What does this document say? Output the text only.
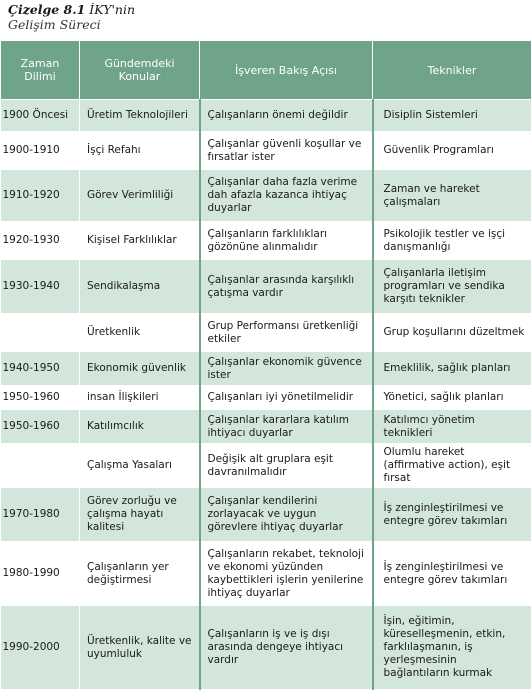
Çizelge 8.1 İKY'nin
Gelişim Süreci
Zaman Dilimi	Gündemdeki Konular	İşveren Bakış Açısı	Teknikler
1900 Öncesi	Üretim Teknolojileri	Çalışanların önemi değildir	Disiplin Sistemleri
1900-1910	İşçi Refahı	Çalışanlar güvenli koşullar ve fırsatlar ister	Güvenlik Programları
1910-1920	Görev Verimliliği	Çalışanlar daha fazla verime dah afazla kazanca ihtiyaç duyarlar	Zaman ve hareket çalışmaları
1920-1930	Kişisel Farklılıklar	Çalışanların farklılıkları gözönüne alınmalıdır	Psikolojik testler ve işçi danışmanlığı
1930-1940	Sendikalaşma	Çalışanlar arasında karşılıklı çatışma vardır	Çalışanlarla iletişim programları ve sendika karşıtı teknikler
	Üretkenlik	Grup Performansı üretkenliği etkiler	Grup koşullarını düzeltmek
1940-1950	Ekonomik güvenlik	Çalışanlar ekonomik güvence ister	Emeklilik, sağlık planları
1950-1960	insan İlişkileri	Çalışanları iyi yönetilmelidir	Yönetici, sağlık planları
1950-1960	Katılımcılık	Çalışanlar kararlara katılım ihtiyacı duyarlar	Katılımcı yönetim teknikleri
	Çalışma Yasaları	Değişik alt gruplara eşit davranılmalıdır	Olumlu hareket (affirmative action), eşit fırsat
1970-1980	Görev zorluğu ve çalışma hayatı kalitesi	Çalışanlar kendilerini zorlayacak ve uygun görevlere ihtiyaç duyarlar	İş zenginleştirilmesi ve entegre görev takımları
1980-1990	Çalışanların yer değiştirmesi	Çalışanların rekabet, teknoloji ve ekonomi yüzünden kaybettikleri işlerin yenilerine ihtiyaç duyarlar	İş zenginleştirilmesi ve entegre görev takımları
1990-2000	Üretkenlik, kalite ve uyumluluk	Çalışanların iş ve iş dışı arasında dengeye ihtiyacı vardır	İşin, eğitimin, küreselleşmenin, etkin, farklılaşmanın, iş yerleşmesinin bağlantıların kurmak
